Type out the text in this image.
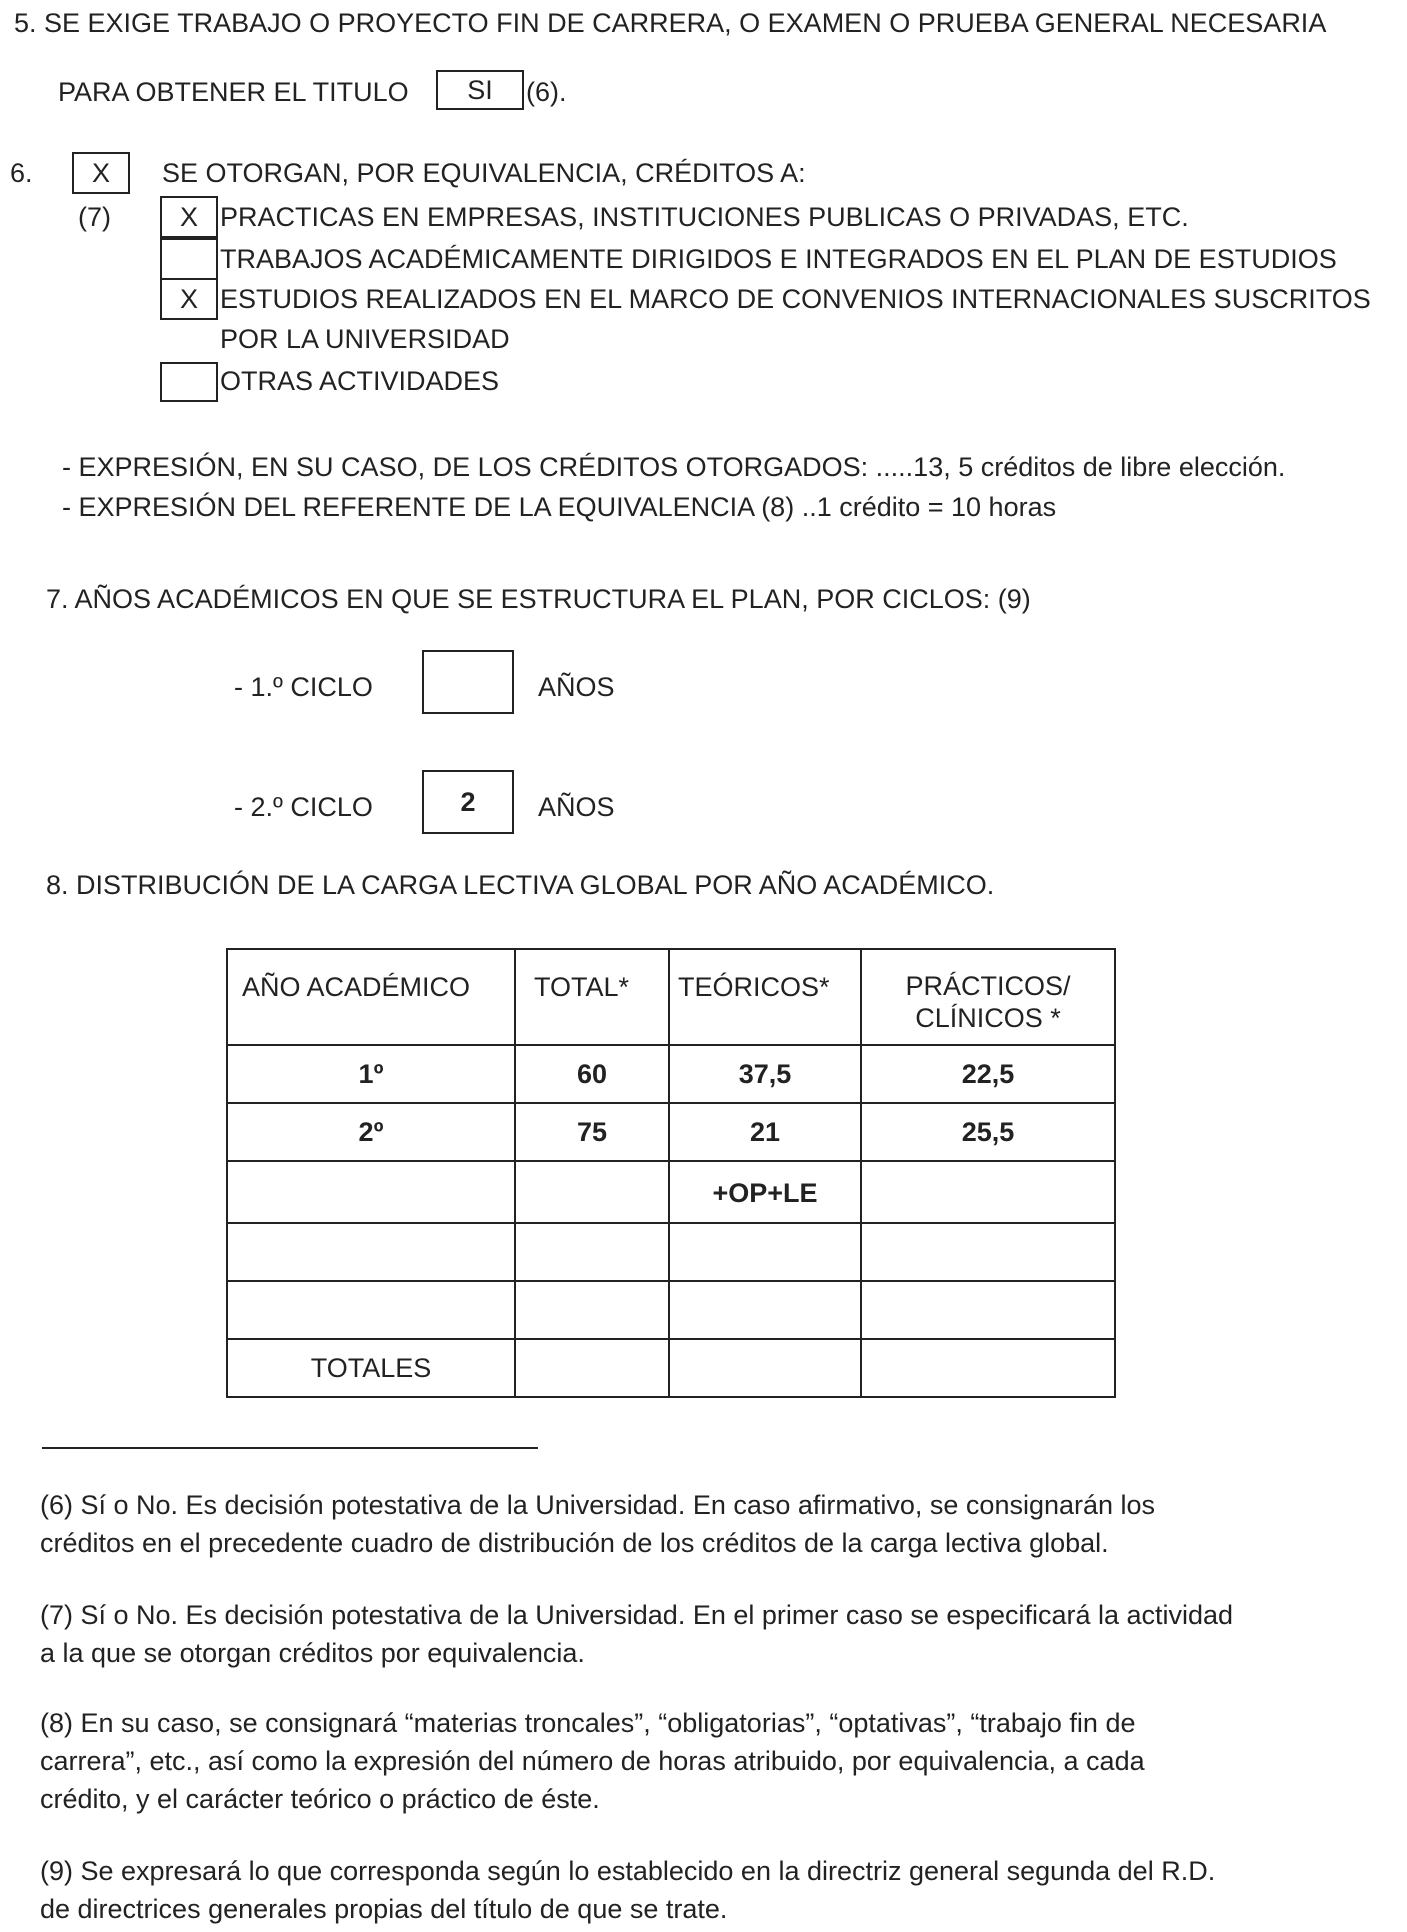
5. SE EXIGE TRABAJO O PROYECTO FIN DE CARRERA, O EXAMEN O PRUEBA GENERAL NECESARIA
PARA OBTENER EL TITULO	SI	(6).
6.	X	SE OTORGAN, POR EQUIVALENCIA, CRÉDITOS A:
(7)	X PRACTICAS EN EMPRESAS, INSTITUCIONES PUBLICAS O PRIVADAS, ETC.
TRABAJOS ACADÉMICAMENTE DIRIGIDOS E INTEGRADOS EN EL PLAN DE ESTUDIOS
X ESTUDIOS REALIZADOS EN EL MARCO DE CONVENIOS INTERNACIONALES SUSCRITOS
POR LA UNIVERSIDAD
OTRAS ACTIVIDADES
- EXPRESIÓN, EN SU CASO, DE LOS CRÉDITOS OTORGADOS: .....13, 5 créditos de libre elección.
- EXPRESIÓN DEL REFERENTE DE LA EQUIVALENCIA (8) ..1 crédito = 10 horas
7. AÑOS ACADÉMICOS EN QUE SE ESTRUCTURA EL PLAN, POR CICLOS: (9)
- 1.º CICLO	AÑOS
- 2.º CICLO	2	AÑOS
8. DISTRIBUCIÓN DE LA CARGA LECTIVA GLOBAL POR AÑO ACADÉMICO.
AÑO ACADÉMICO	TOTAL*	TEÓRICOS*	PRÁCTICOS/
CLÍNICOS *

1º	60	37,5	22,5
2º	75	21	25,5
		+OP+LE	

TOTALES			
(6) Sí o No. Es decisión potestativa de la Universidad. En caso afirmativo, se consignarán los
créditos en el precedente cuadro de distribución de los créditos de la carga lectiva global.
(7) Sí o No. Es decisión potestativa de la Universidad. En el primer caso se especificará la actividad
a la que se otorgan créditos por equivalencia.
(8) En su caso, se consignará “materias troncales”, “obligatorias”, “optativas”, “trabajo fin de
carrera”, etc., así como la expresión del número de horas atribuido, por equivalencia, a cada
crédito, y el carácter teórico o práctico de éste.
(9) Se expresará lo que corresponda según lo establecido en la directriz general segunda del R.D.
de directrices generales propias del título de que se trate.
